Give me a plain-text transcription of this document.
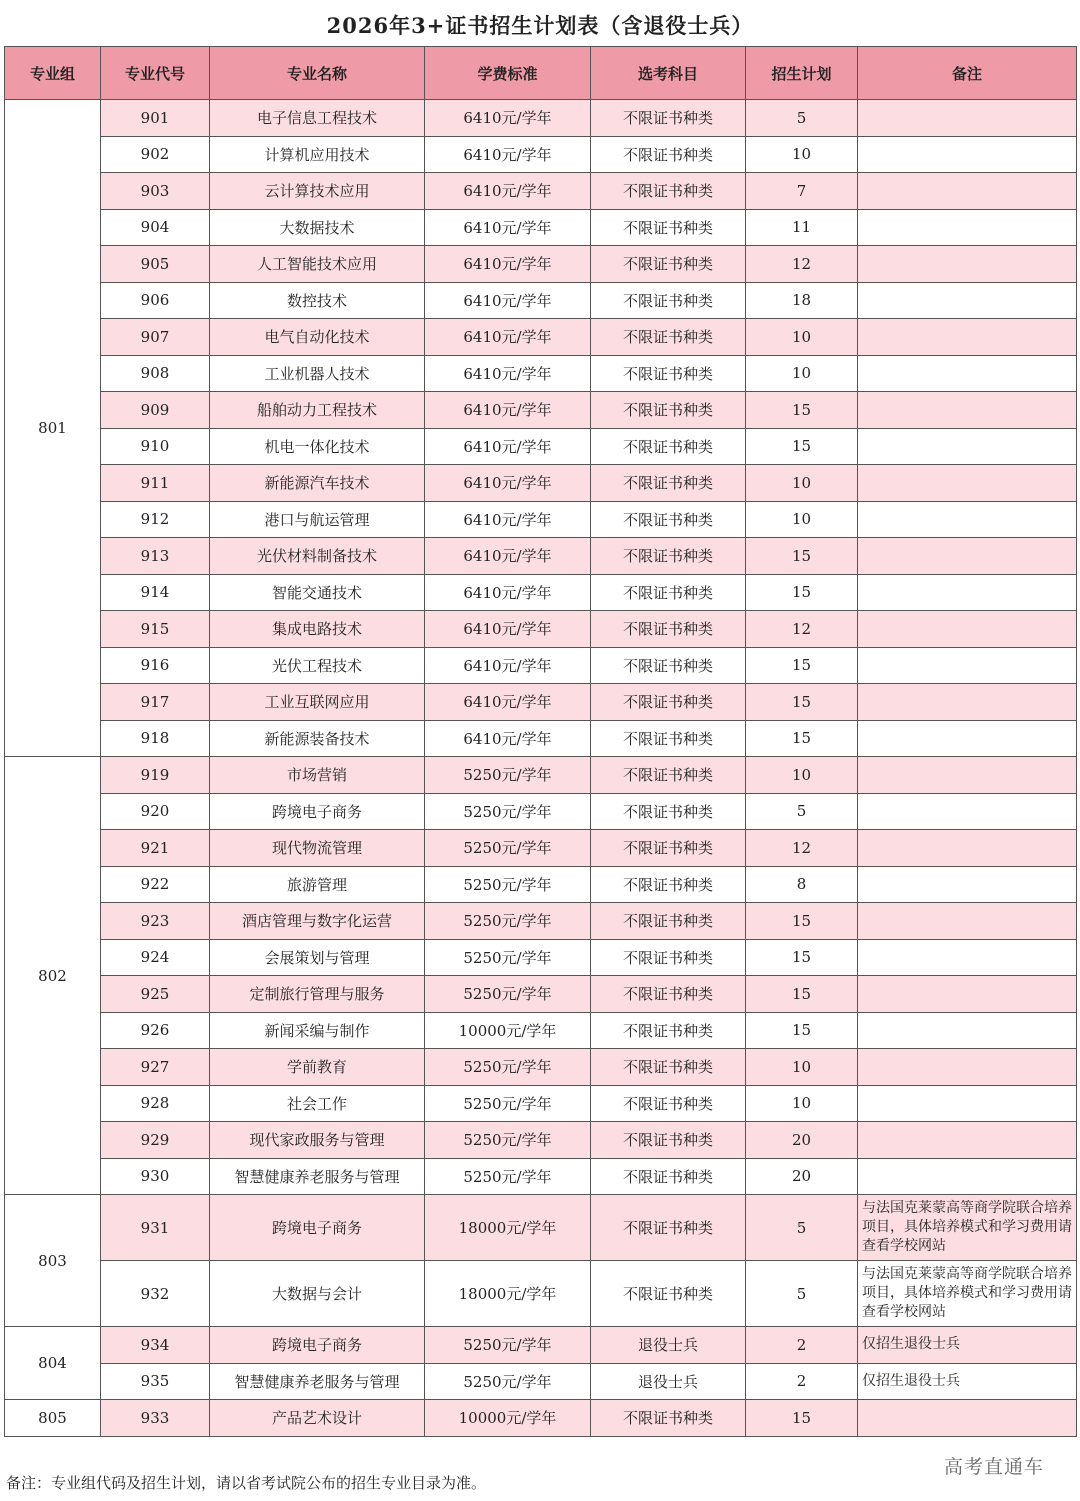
2026年3+证书招生计划表（含退役士兵）
专业组	专业代号	专业名称	学费标准	选考科目	招生计划	备注
801	901	电子信息工程技术	6410元/学年	不限证书种类	5	
	902	计算机应用技术	6410元/学年	不限证书种类	10	
	903	云计算技术应用	6410元/学年	不限证书种类	7	
	904	大数据技术	6410元/学年	不限证书种类	11	
	905	人工智能技术应用	6410元/学年	不限证书种类	12	
	906	数控技术	6410元/学年	不限证书种类	18	
	907	电气自动化技术	6410元/学年	不限证书种类	10	
	908	工业机器人技术	6410元/学年	不限证书种类	10	
	909	船舶动力工程技术	6410元/学年	不限证书种类	15	
	910	机电一体化技术	6410元/学年	不限证书种类	15	
	911	新能源汽车技术	6410元/学年	不限证书种类	10	
	912	港口与航运管理	6410元/学年	不限证书种类	10	
	913	光伏材料制备技术	6410元/学年	不限证书种类	15	
	914	智能交通技术	6410元/学年	不限证书种类	15	
	915	集成电路技术	6410元/学年	不限证书种类	12	
	916	光伏工程技术	6410元/学年	不限证书种类	15	
	917	工业互联网应用	6410元/学年	不限证书种类	15	
	918	新能源装备技术	6410元/学年	不限证书种类	15	
802	919	市场营销	5250元/学年	不限证书种类	10	
	920	跨境电子商务	5250元/学年	不限证书种类	5	
	921	现代物流管理	5250元/学年	不限证书种类	12	
	922	旅游管理	5250元/学年	不限证书种类	8	
	923	酒店管理与数字化运营	5250元/学年	不限证书种类	15	
	924	会展策划与管理	5250元/学年	不限证书种类	15	
	925	定制旅行管理与服务	5250元/学年	不限证书种类	15	
	926	新闻采编与制作	10000元/学年	不限证书种类	15	
	927	学前教育	5250元/学年	不限证书种类	10	
	928	社会工作	5250元/学年	不限证书种类	10	
	929	现代家政服务与管理	5250元/学年	不限证书种类	20	
	930	智慧健康养老服务与管理	5250元/学年	不限证书种类	20	
803	931	跨境电子商务	18000元/学年	不限证书种类	5	与法国克莱蒙高等商学院联合培养项目，具体培养模式和学习费用请查看学校网站
	932	大数据与会计	18000元/学年	不限证书种类	5	与法国克莱蒙高等商学院联合培养项目，具体培养模式和学习费用请查看学校网站
804	934	跨境电子商务	5250元/学年	退役士兵	2	仅招生退役士兵
	935	智慧健康养老服务与管理	5250元/学年	退役士兵	2	仅招生退役士兵
805	933	产品艺术设计	10000元/学年	不限证书种类	15	
备注：专业组代码及招生计划，请以省考试院公布的招生专业目录为准。
高考直通车
